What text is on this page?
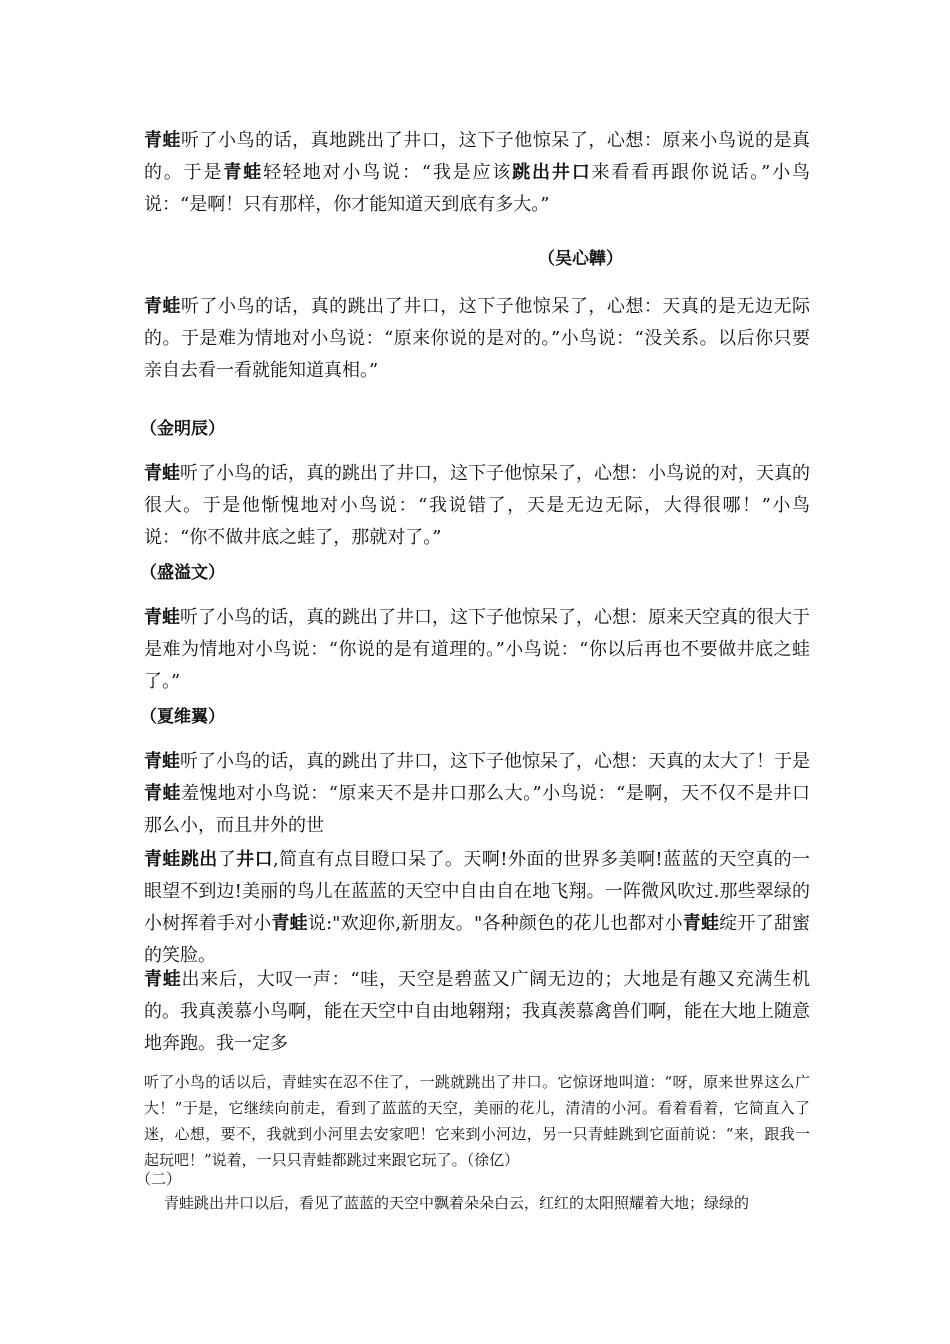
青蛙听了小鸟的话，真地跳出了井口，这下子他惊呆了，心想：原来小鸟说的是真的。于是青蛙轻轻地对小鸟说：“我是应该跳出井口来看看再跟你说话。”小鸟说：“是啊！只有那样，你才能知道天到底有多大。”

（吴心韡）

青蛙听了小鸟的话，真的跳出了井口，这下子他惊呆了，心想：天真的是无边无际的。于是难为情地对小鸟说：“原来你说的是对的。”小鸟说：“没关系。以后你只要亲自去看一看就能知道真相。”

（金明辰）

青蛙听了小鸟的话，真的跳出了井口，这下子他惊呆了，心想：小鸟说的对，天真的很大。于是他惭愧地对小鸟说：“我说错了，天是无边无际，大得很哪！”小鸟说：“你不做井底之蛙了，那就对了。”

（盛溢文）

青蛙听了小鸟的话，真的跳出了井口，这下子他惊呆了，心想：原来天空真的很大于是难为情地对小鸟说：“你说的是有道理的。”小鸟说：“你以后再也不要做井底之蛙了。”

（夏维翼）

青蛙听了小鸟的话，真的跳出了井口，这下子他惊呆了，心想：天真的太大了！于是青蛙羞愧地对小鸟说：“原来天不是井口那么大。”小鸟说：“是啊，天不仅不是井口那么小，而且井外的世

青蛙跳出了井口,简直有点目瞪口呆了。天啊!外面的世界多美啊!蓝蓝的天空真的一眼望不到边!美丽的鸟儿在蓝蓝的天空中自由自在地飞翔。一阵微风吹过.那些翠绿的小树挥着手对小青蛙说:"欢迎你,新朋友。"各种颜色的花儿也都对小青蛙绽开了甜蜜的笑脸。

青蛙出来后，大叹一声：“哇，天空是碧蓝又广阔无边的；大地是有趣又充满生机的。我真羡慕小鸟啊，能在天空中自由地翱翔；我真羡慕禽兽们啊，能在大地上随意地奔跑。我一定多

听了小鸟的话以后，青蛙实在忍不住了，一跳就跳出了井口。它惊讶地叫道：“呀，原来世界这么广大！”于是，它继续向前走，看到了蓝蓝的天空，美丽的花儿，清清的小河。看着看着，它简直入了迷，心想，要不，我就到小河里去安家吧！它来到小河边，另一只青蛙跳到它面前说：“来，跟我一起玩吧！”说着，一只只青蛙都跳过来跟它玩了。（徐亿）

（二）

青蛙跳出井口以后，看见了蓝蓝的天空中飘着朵朵白云，红红的太阳照耀着大地；绿绿的
